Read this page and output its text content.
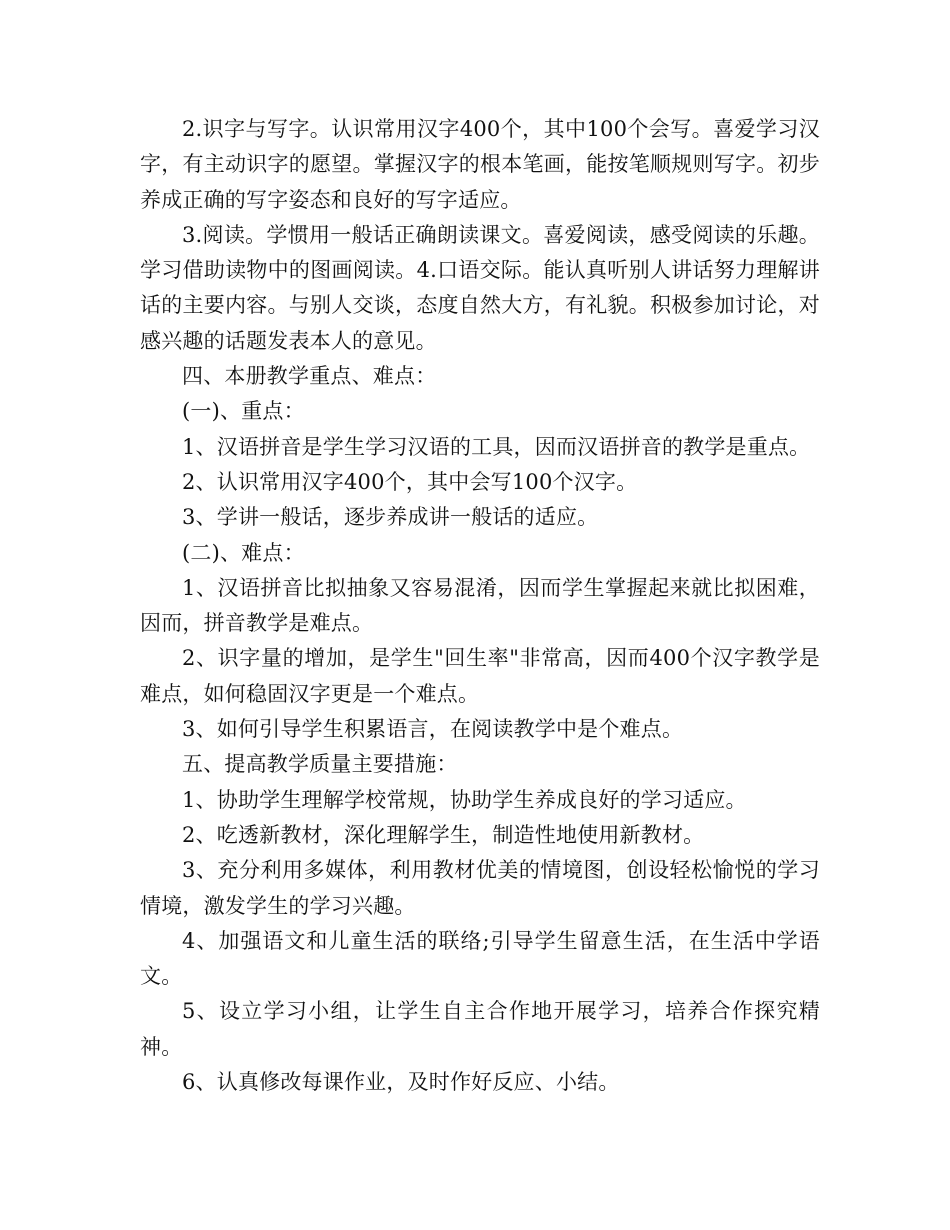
2.识字与写字。认识常用汉字400个，其中100个会写。喜爱学习汉字，有主动识字的愿望。掌握汉字的根本笔画，能按笔顺规则写字。初步养成正确的写字姿态和良好的写字适应。

3.阅读。学惯用一般话正确朗读课文。喜爱阅读，感受阅读的乐趣。学习借助读物中的图画阅读。4.口语交际。能认真听别人讲话努力理解讲话的主要内容。与别人交谈，态度自然大方，有礼貌。积极参加讨论，对感兴趣的话题发表本人的意见。

四、本册教学重点、难点：

(一)、重点：

1、汉语拼音是学生学习汉语的工具，因而汉语拼音的教学是重点。

2、认识常用汉字400个，其中会写100个汉字。

3、学讲一般话，逐步养成讲一般话的适应。

(二)、难点：

1、汉语拼音比拟抽象又容易混淆，因而学生掌握起来就比拟困难，因而，拼音教学是难点。

2、识字量的增加，是学生"回生率"非常高，因而400个汉字教学是难点，如何稳固汉字更是一个难点。

3、如何引导学生积累语言，在阅读教学中是个难点。

五、提高教学质量主要措施：

1、协助学生理解学校常规，协助学生养成良好的学习适应。

2、吃透新教材，深化理解学生，制造性地使用新教材。

3、充分利用多媒体，利用教材优美的情境图，创设轻松愉悦的学习情境，激发学生的学习兴趣。

4、加强语文和儿童生活的联络;引导学生留意生活，在生活中学语文。

5、设立学习小组，让学生自主合作地开展学习，培养合作探究精神。

6、认真修改每课作业，及时作好反应、小结。
